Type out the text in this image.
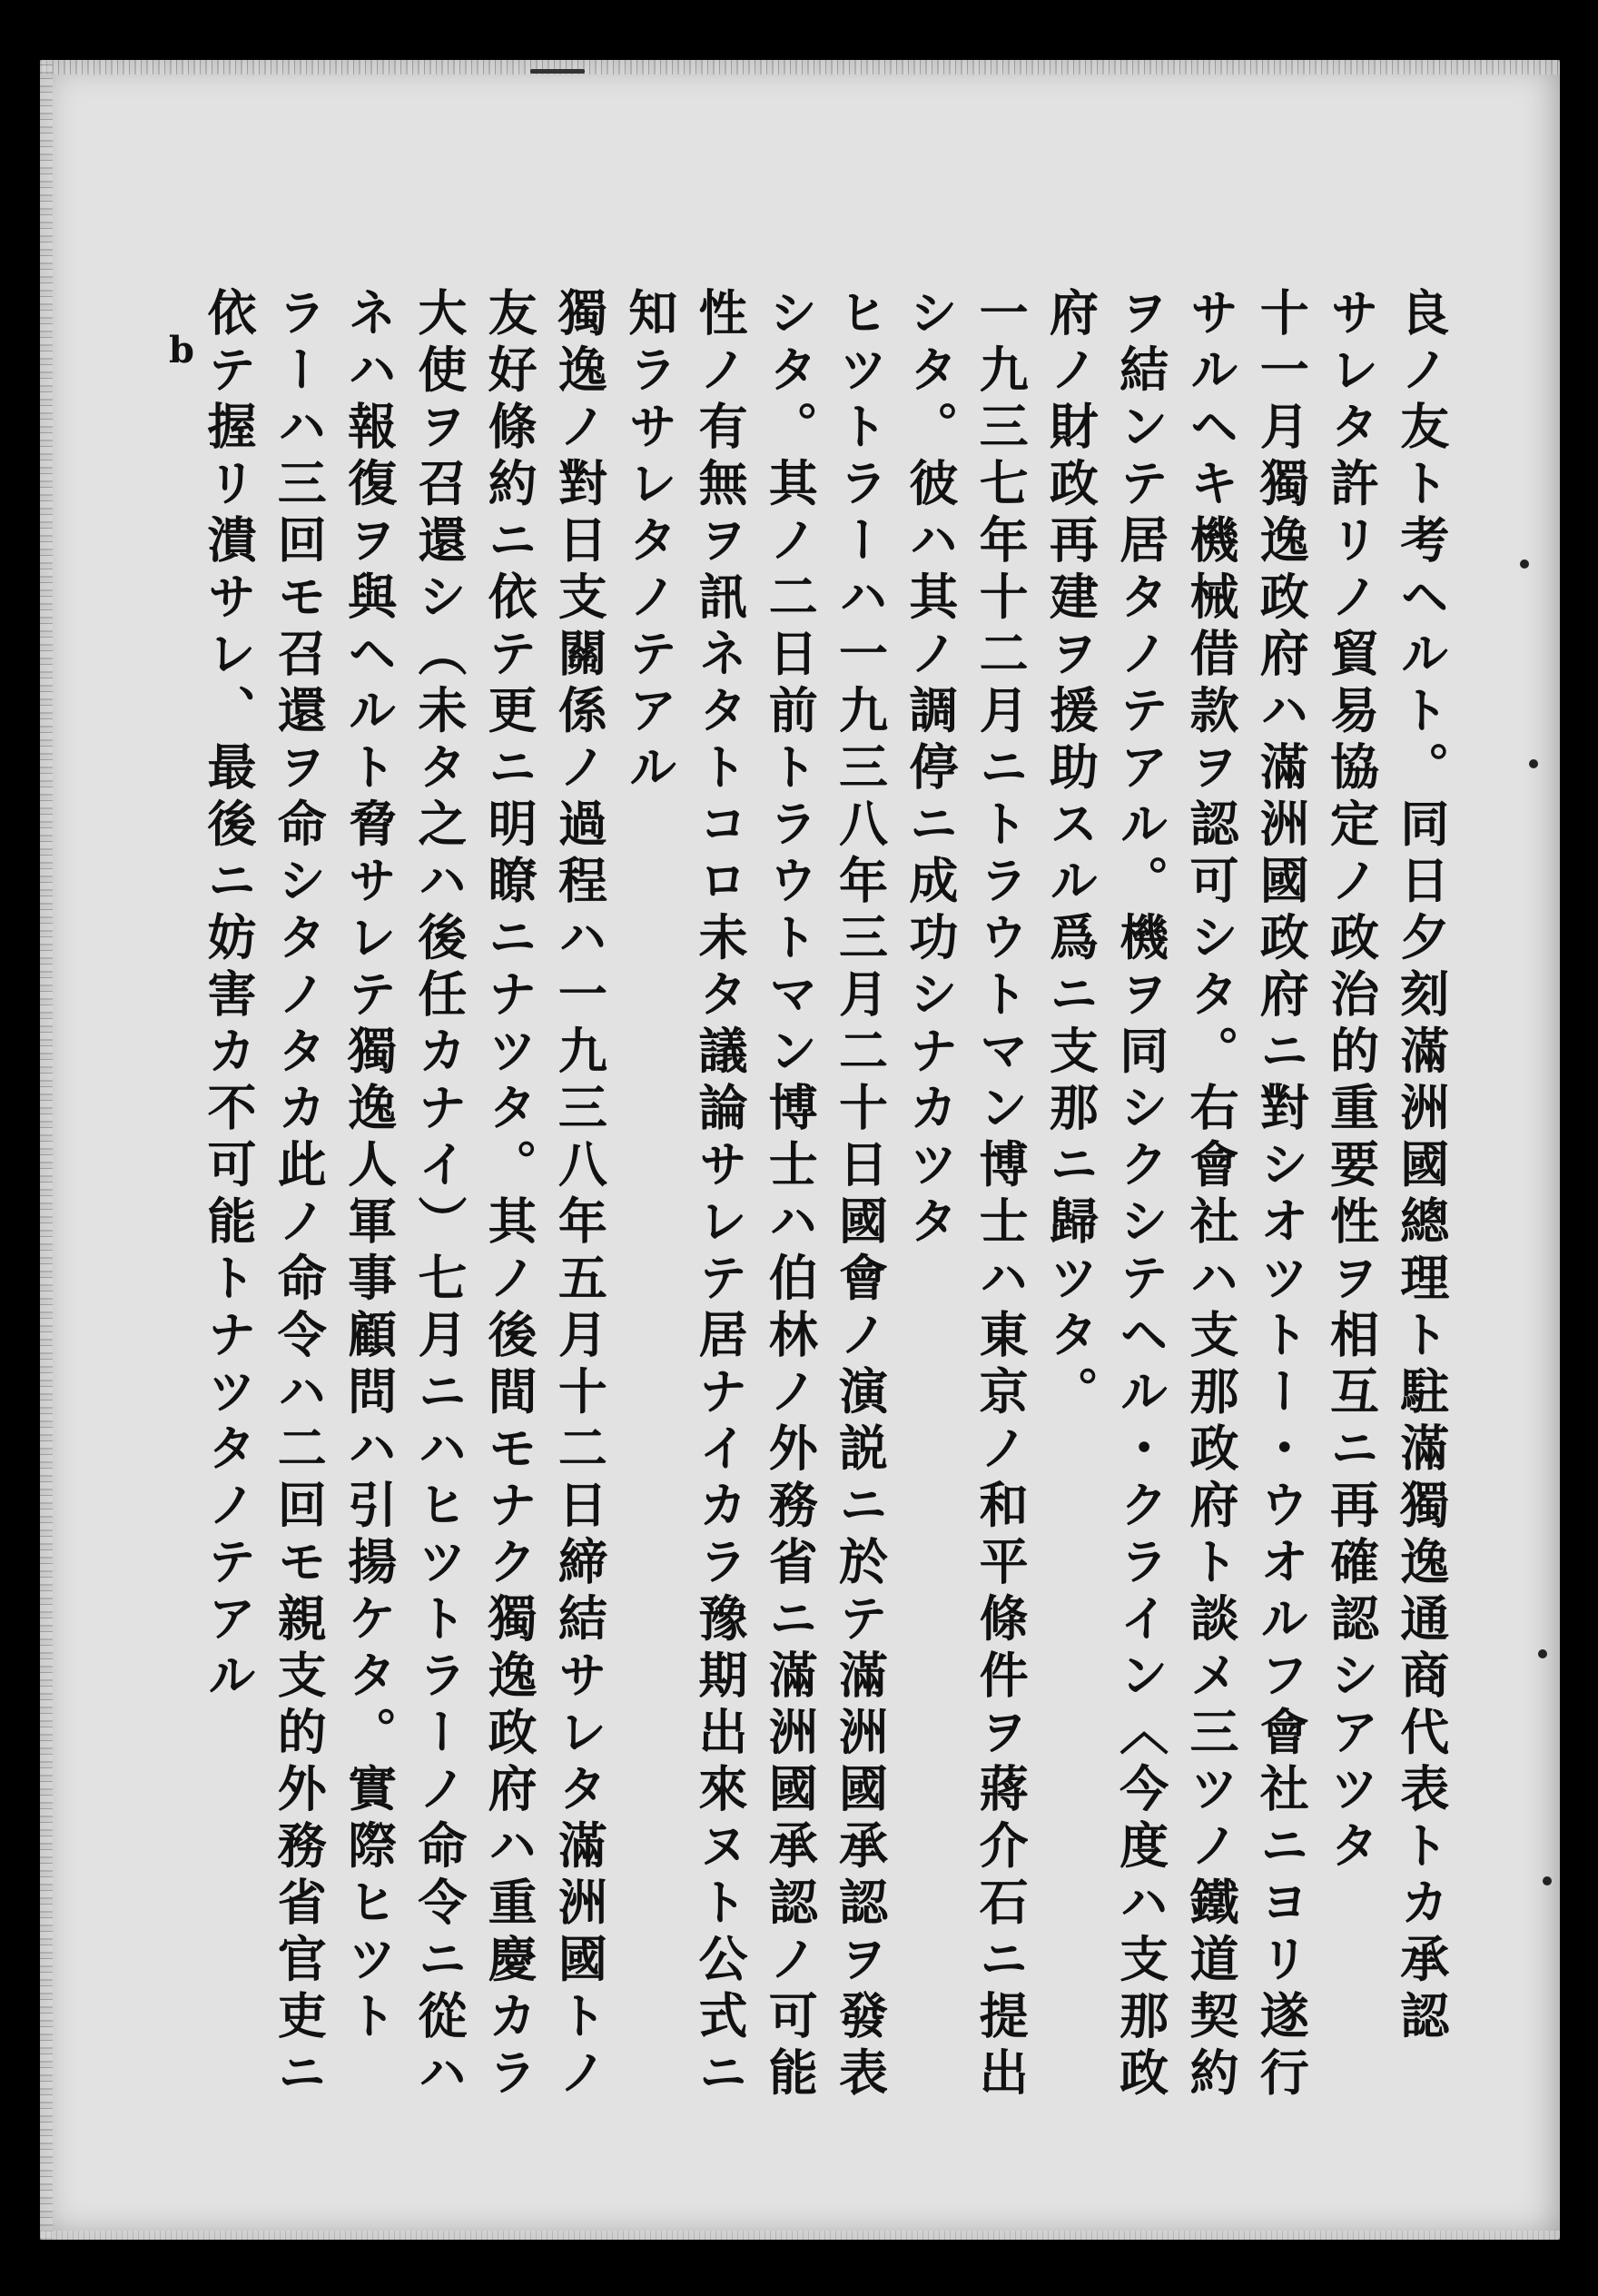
b	良ノ友ト考ヘルト。同日夕刻滿洲國總理ト駐滿獨逸通商代表トカ承認
サレタ許リノ貿易協定ノ政治的重要性ヲ相互ニ再確認シアツタ
十一月獨逸政府ハ滿洲國政府ニ對シオツトー・ウオルフ會社ニヨリ遂行
サルヘキ機械借款ヲ認可シタ。右會社ハ支那政府ト談メ三ツノ鐵道契約
ヲ結ンテ居タノテアル。機ヲ同シクシテヘル・クライン〈今度ハ支那政
府ノ財政再建ヲ援助スル爲ニ支那ニ歸ツタ。
一九三七年十二月ニトラウトマン博士ハ東京ノ和平條件ヲ蔣介石ニ提出
シタ。彼ハ其ノ調停ニ成功シナカツタ
ヒツトラーハ一九三八年三月二十日國會ノ演説ニ於テ滿洲國承認ヲ發表
シタ。其ノ二日前トラウトマン博士ハ伯林ノ外務省ニ滿洲國承認ノ可能
性ノ有無ヲ訊ネタトコロ未タ議論サレテ居ナイカラ豫期出來ヌト公式ニ
知ラサレタノテアル
獨逸ノ對日支關係ノ過程ハ一九三八年五月十二日締結サレタ滿洲國トノ
友好條約ニ依テ更ニ明瞭ニナツタ。其ノ後間モナク獨逸政府ハ重慶カラ
大使ヲ召還シ（未タ之ハ後任カナイ）七月ニハヒツトラーノ命令ニ從ハ
ネハ報復ヲ與ヘルト脅サレテ獨逸人軍事顧問ハ引揚ケタ。實際ヒツト
ラーハ三回モ召還ヲ命シタノタカ此ノ命令ハ二回モ親支的外務省官吏ニ
依テ握リ潰サレ、最後ニ妨害カ不可能トナツタノテアル
